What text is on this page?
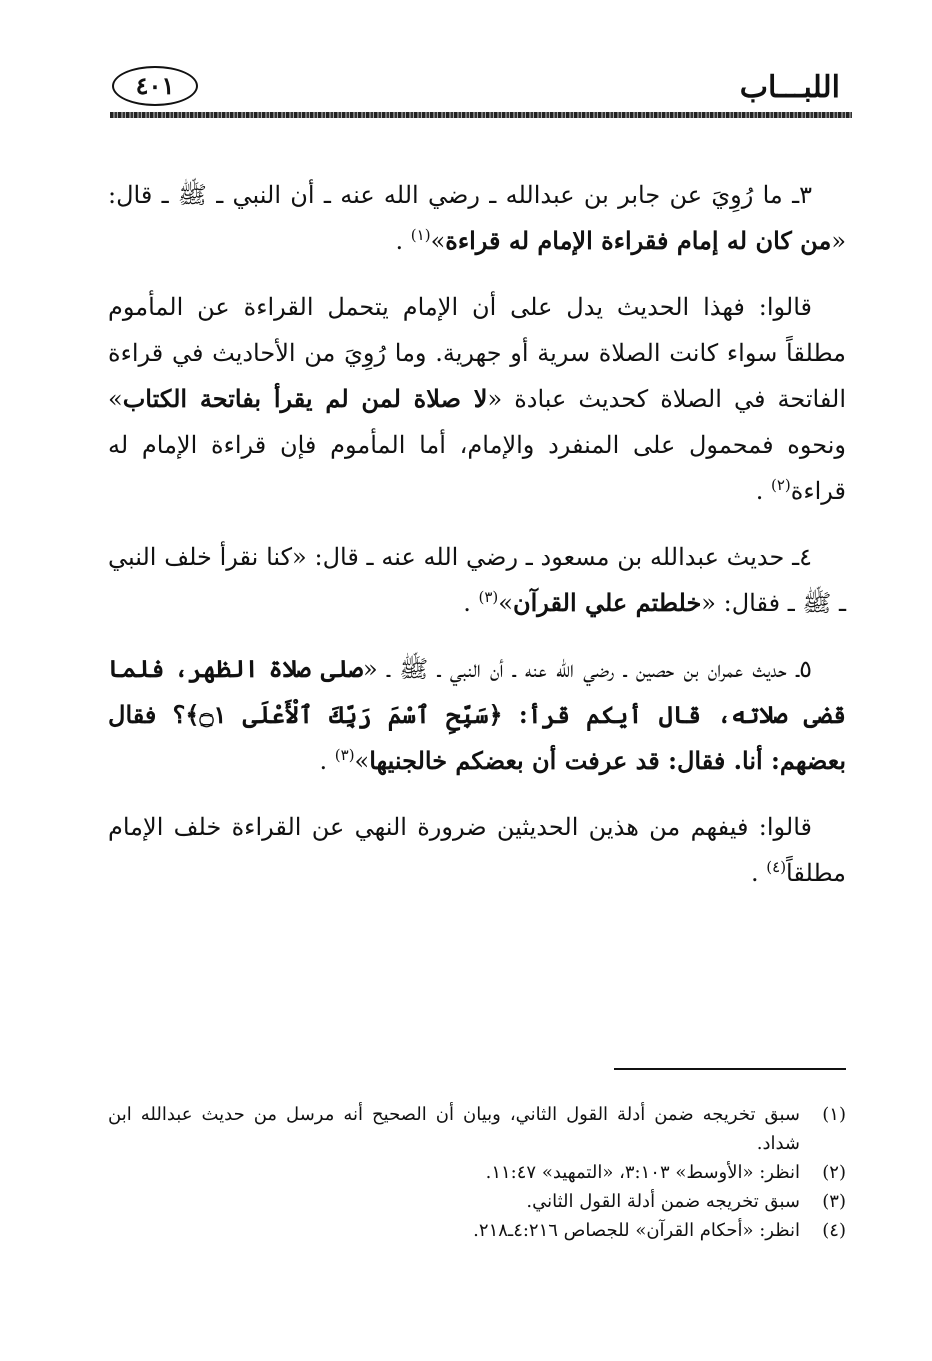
اللبـــاب
٤٠١

٣ـ ما رُوِيَ عن جابر بن عبدالله ـ رضي الله عنه ـ أن النبي ـ ﷺ ـ قال: «من كان له إمام فقراءة الإمام له قراءة»$^{(١)}$ .

قالوا: فهذا الحديث يدل على أن الإمام يتحمل القراءة عن المأموم مطلقاً سواء كانت الصلاة سرية أو جهرية. وما رُوِيَ من الأحاديث في قراءة الفاتحة في الصلاة كحديث عبادة «لا صلاة لمن لم يقرأ بفاتحة الكتاب» ونحوه فمحمول على المنفرد والإمام، أما المأموم فإن قراءة الإمام له قراءة$^{(٢)}$ .

٤ـ حديث عبدالله بن مسعود ـ رضي الله عنه ـ قال: «كنا نقرأ خلف النبي ـ ﷺ ـ فقال: «خلطتم علي القرآن»$^{(٣)}$ .

٥ـ حديث عمران بن حصين ـ رضي الله عنه ـ أن النبي ـ ﷺ ـ «صلى صلاة الظهر، فلما قضى صلاته، قال أيكم قرأ: ﴿سَبِّحِ ٱسْمَ رَبِّكَ ٱلْأَعْلَى ۝١﴾؟ فقال بعضهم: أنا. فقال: قد عرفت أن بعضكم خالجنيها»$^{(٣)}$ .

قالوا: فيفهم من هذين الحديثين ضرورة النهي عن القراءة خلف الإمام مطلقاً$^{(٤)}$ .

(١)
سبق تخريجه ضمن أدلة القول الثاني، وبيان أن الصحيح أنه مرسل من حديث عبدالله ابن شداد.
(٢)
انظر: «الأوسط» ٣:١٠٣، «التمهيد» ١١:٤٧.
(٣)
سبق تخريجه ضمن أدلة القول الثاني.
(٤)
انظر: «أحكام القرآن» للجصاص ٤:٢١٦ـ٢١٨.
